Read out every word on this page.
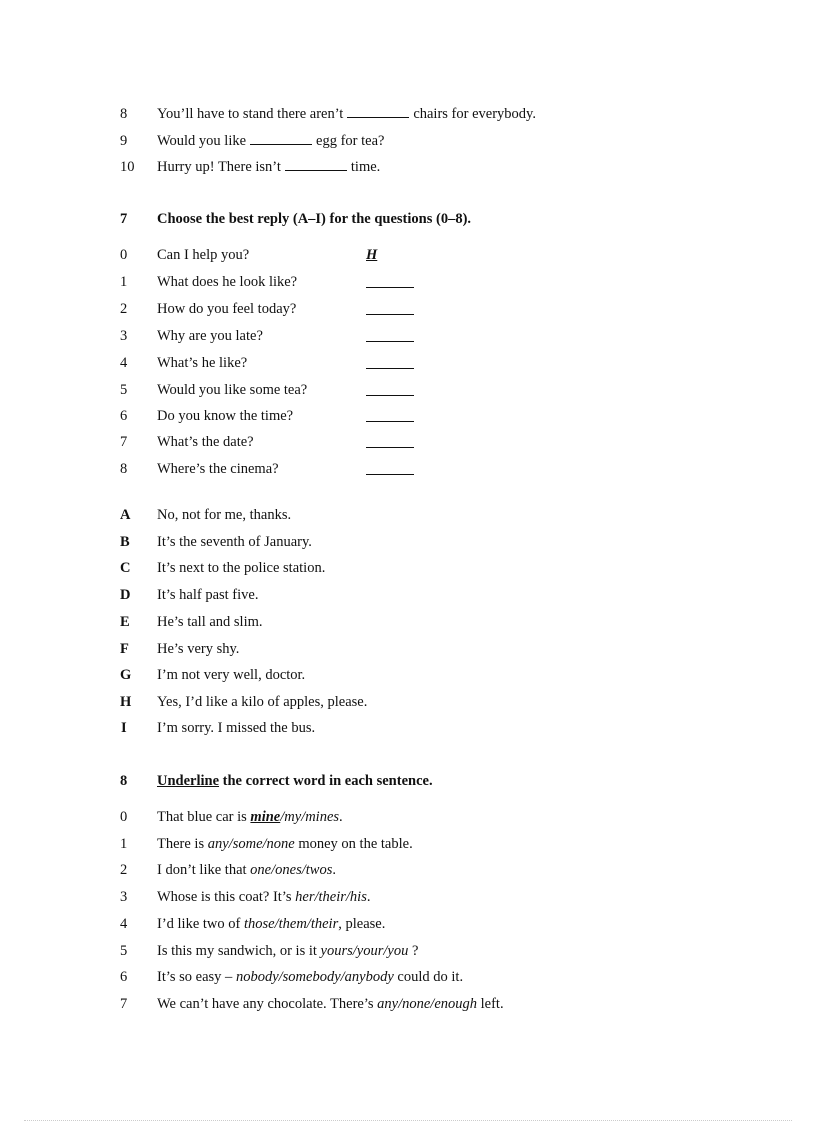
8 You’ll have to stand there aren’t	chairs for everybody.
9 Would you like	egg for tea?
10 Hurry up! There isn’t	time.
7 Choose the best reply (A–I) for the questions (0–8).
0 Can I help you?	H
1 What does he look like?
2 How do you feel today?
3 Why are you late?
4 What’s he like?
5 Would you like some tea?
6 Do you know the time?
7 What’s the date?
8 Where’s the cinema?
A No, not for me, thanks.
B It’s the seventh of January.
C It’s next to the police station.
D It’s half past five.
E He’s tall and slim.
F He’s very shy.
G I’m not very well, doctor.
H Yes, I’d like a kilo of apples, please.
I I’m sorry. I missed the bus.
8 Underline the correct word in each sentence.
0 That blue car is mine/my/mines.
1 There is any/some/none money on the table.
2 I don’t like that one/ones/twos.
3 Whose is this coat? It’s her/their/his.
4 I’d like two of those/them/their, please.
5 Is this my sandwich, or is it yours/your/you ?
6 It’s so easy – nobody/somebody/anybody could do it.
7 We can’t have any chocolate. There’s any/none/enough left.
